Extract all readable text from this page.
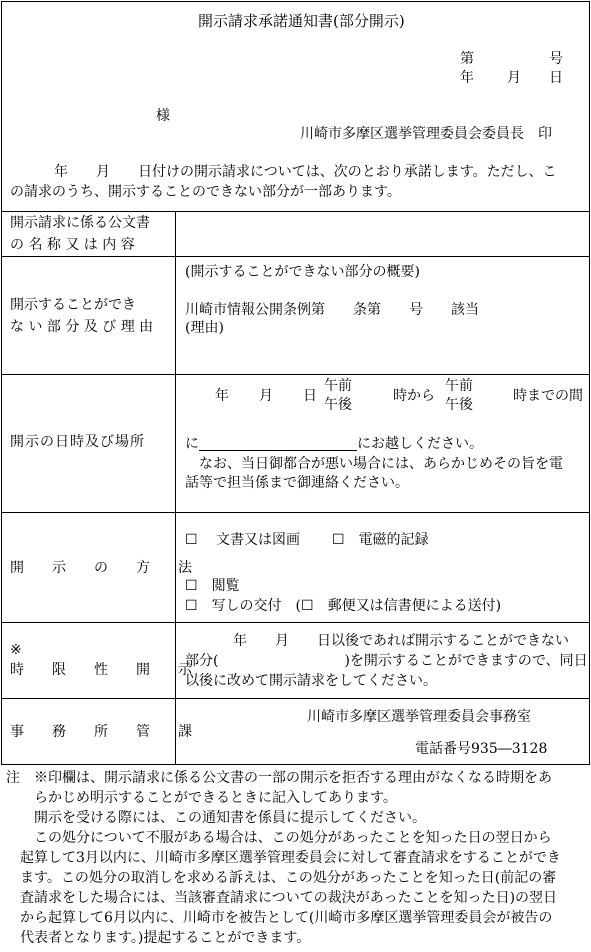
開示請求承諾通知書(部分開示)
第	号
年 月 日
様
川崎市多摩区選挙管理委員会委員長　印
年　　月　　日付けの開示請求については、次のとおり承諾します。ただし、こ
の請求のうち、開示することのできない部分が一部あります。
開示請求に係る公文書
の 名 称 又 は 内 容
開示することができ
な い 部 分 及 び 理 由
(開示することができない部分の概要)
川崎市情報公開条例第　　条第　　号　　該当
(理由)
開示の日時及び場所
年 月 日
午前
午後
時から
午前
午後
時までの間
に	にお越しください。
なお、当日御都合が悪い場合には、あらかじめその旨を電
話等で担当係まで御連絡ください。
開　　示　　の　　方　　法
☐　 文書又は図画 ☐　 電磁的記録
☐　 閲覧
☐　 写しの交付　(☐　 郵便又は信書便による送付)
※
時　　限　　性　　開　　示
年　　月　　日以後であれば開示することができない
部分(　　　　　　　　　)を開示することができますので、同日
以後に改めて開示請求をしてください。
事　　務　　所　　管　　課
川崎市多摩区選挙管理委員会事務室
電話番号935―3128
注　※印欄は、開示請求に係る公文書の一部の開示を拒否する理由がなくなる時期をあ
　　らかじめ明示することができるときに記入してあります。
　　開示を受ける際には、この通知書を係員に提示してください。
　　この処分について不服がある場合は、この処分があったことを知った日の翌日から
　起算して3月以内に、川崎市多摩区選挙管理委員会に対して審査請求をすることができ
　ます。この処分の取消しを求める訴えは、この処分があったことを知った日(前記の審
　査請求をした場合には、当該審査請求についての裁決があったことを知った日)の翌日
　から起算して6月以内に、川崎市を被告として(川崎市多摩区選挙管理委員会が被告の
　代表者となります。)提起することができます。
